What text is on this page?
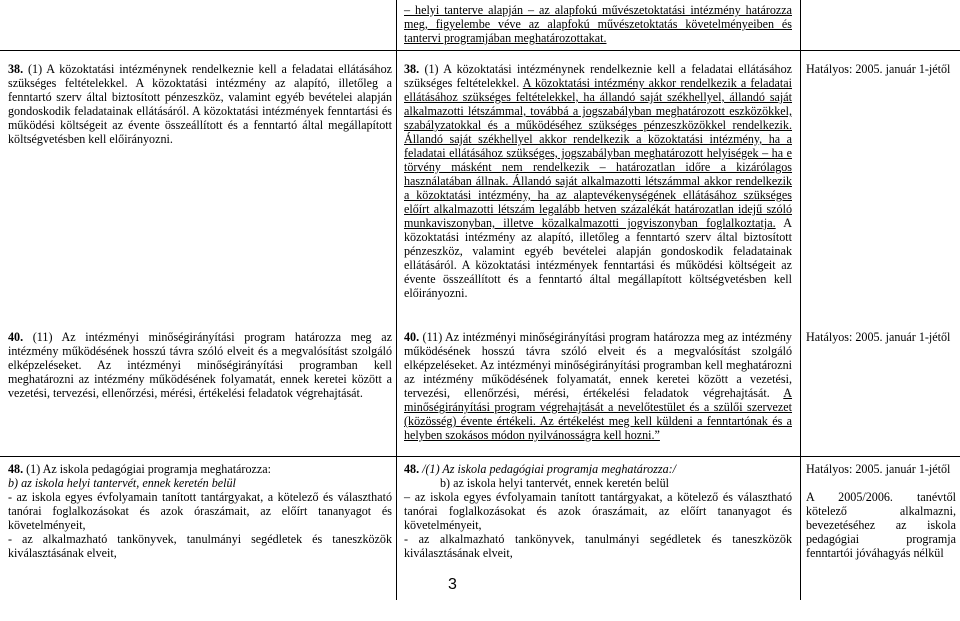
– helyi tanterve alapján – az alapfokú művészetoktatási intézmény határozza meg, figyelembe véve az alapfokú művészetoktatás követelményeiben és tantervi programjában meghatározottakat.

38. (1) A közoktatási intézménynek rendelkeznie kell a feladatai ellátásához szükséges feltételekkel. A közoktatási intézmény az alapító, illetőleg a fenntartó szerv által biztosított pénzeszköz, valamint egyéb bevételei alapján gondoskodik feladatainak ellátásáról. A közoktatási intézmények fenntartási és működési költségeit az évente összeállított és a fenntartó által megállapított költségvetésben kell előirányozni.

38. (1) A közoktatási intézménynek rendelkeznie kell a feladatai ellátásához szükséges feltételekkel. A közoktatási intézmény akkor rendelkezik a feladatai ellátásához szükséges feltételekkel, ha állandó saját székhellyel, állandó saját alkalmazotti létszámmal, továbbá a jogszabályban meghatározott eszközökkel, szabályzatokkal és a működéséhez szükséges pénzeszközökkel rendelkezik. Állandó saját székhellyel akkor rendelkezik a közoktatási intézmény, ha a feladatai ellátásához szükséges, jogszabályban meghatározott helyiségek – ha e törvény másként nem rendelkezik – határozatlan időre a kizárólagos használatában állnak. Állandó saját alkalmazotti létszámmal akkor rendelkezik a közoktatási intézmény, ha az alaptevékenységének ellátásához szükséges előírt alkalmazotti létszám legalább hetven százalékát határozatlan idejű szóló munkaviszonyban, illetve közalkalmazotti jogviszonyban foglalkoztatja. A közoktatási intézmény az alapító, illetőleg a fenntartó szerv által biztosított pénzeszköz, valamint egyéb bevételei alapján gondoskodik feladatainak ellátásáról. A közoktatási intézmények fenntartási és működési költségeit az évente összeállított és a fenntartó által megállapított költségvetésben kell előirányozni.

Hatályos: 2005. január 1-jétől

40. (11) Az intézményi minőségirányítási program határozza meg az intézmény működésének hosszú távra szóló elveit és a megvalósítást szolgáló elképzeléseket. Az intézményi minőségirányítási programban kell meghatározni az intézmény működésének folyamatát, ennek keretei között a vezetési, tervezési, ellenőrzési, mérési, értékelési feladatok végrehajtását.

40. (11) Az intézményi minőségirányítási program határozza meg az intézmény működésének hosszú távra szóló elveit és a megvalósítást szolgáló elképzeléseket. Az intézményi minőségirányítási programban kell meghatározni az intézmény működésének folyamatát, ennek keretei között a vezetési, tervezési, ellenőrzési, mérési, értékelési feladatok végrehajtását. A minőségirányítási program végrehajtását a nevelőtestület és a szülői szervezet (közösség) évente értékeli. Az értékelést meg kell küldeni a fenntartónak és a helyben szokásos módon nyilvánosságra kell hozni.”

Hatályos: 2005. január 1-jétől

48. (1) Az iskola pedagógiai programja meghatározza:

b) az iskola helyi tantervét, ennek keretén belül

- az iskola egyes évfolyamain tanított tantárgyakat, a kötelező és választható tanórai foglalkozásokat és azok óraszámait, az előírt tananyagot és követelményeit,

- az alkalmazható tankönyvek, tanulmányi segédletek és taneszközök kiválasztásának elveit,

48. /(1) Az iskola pedagógiai programja meghatározza:/

b) az iskola helyi tantervét, ennek keretén belül

– az iskola egyes évfolyamain tanított tantárgyakat, a kötelező és választható tanórai foglalkozásokat és azok óraszámait, az előírt tananyagot és követelményeit,

- az alkalmazható tankönyvek, tanulmányi segédletek és taneszközök kiválasztásának elveit,

Hatályos: 2005. január 1-jétől

A 2005/2006. tanévtől kötelező alkalmazni, bevezetéséhez az iskola pedagógiai programja fenntartói jóváhagyás nélkül

3
